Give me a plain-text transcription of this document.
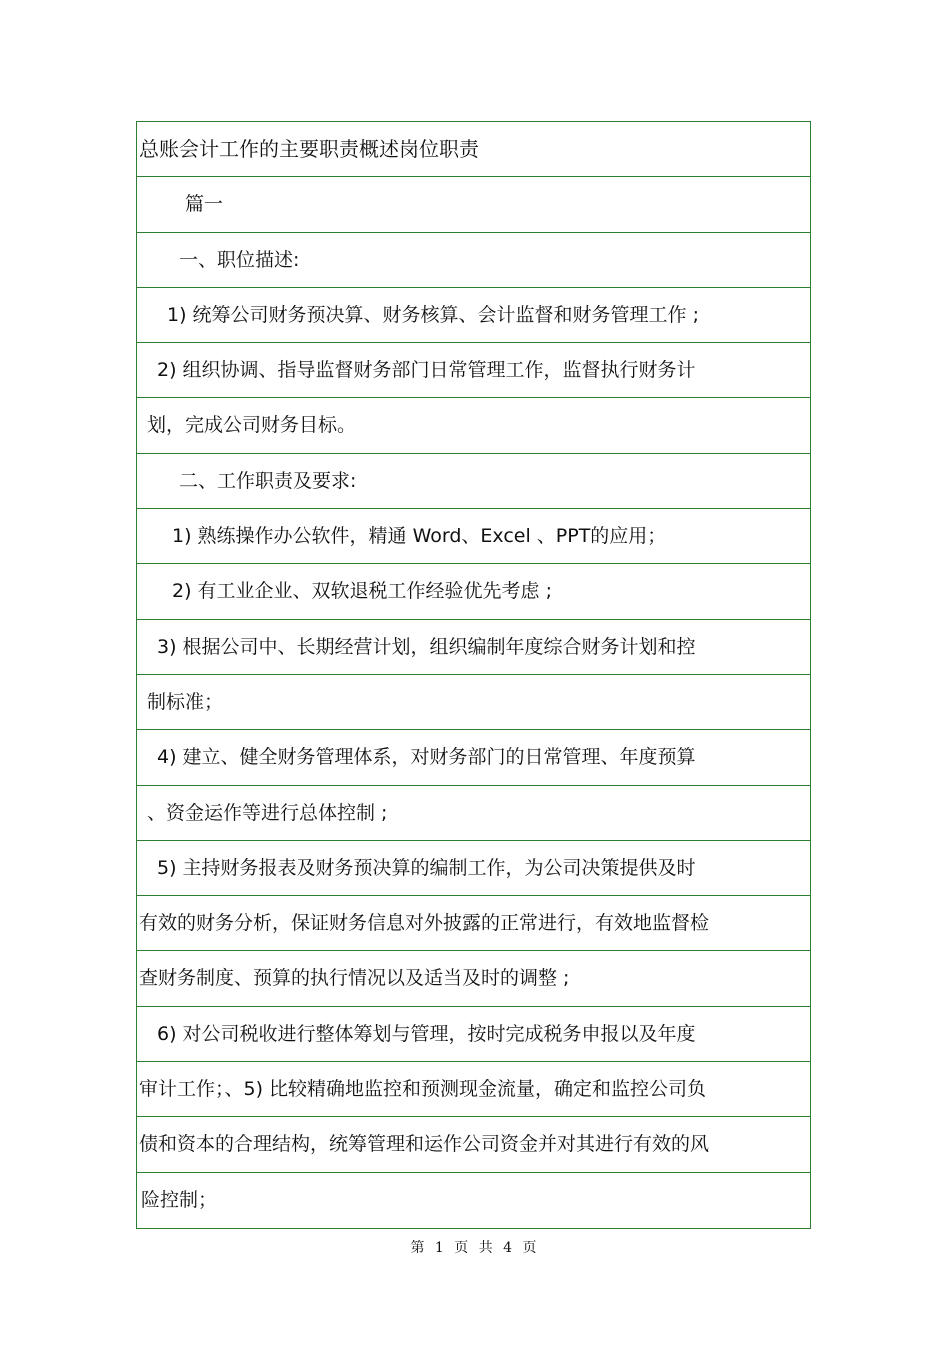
总账会计工作的主要职责概述岗位职责
篇一
一、职位描述:
1) 统筹公司财务预决算、财务核算、会计监督和财务管理工作 ;
2) 组织协调、指导监督财务部门日常管理工作，监督执行财务计
划，完成公司财务目标。
二、工作职责及要求:
1) 熟练操作办公软件，精通 Word、Excel 、PPT的应用；
2) 有工业企业、双软退税工作经验优先考虑 ;
3) 根据公司中、长期经营计划，组织编制年度综合财务计划和控
制标准；
4) 建立、健全财务管理体系，对财务部门的日常管理、年度预算
、资金运作等进行总体控制 ;
5) 主持财务报表及财务预决算的编制工作，为公司决策提供及时
有效的财务分析，保证财务信息对外披露的正常进行，有效地监督检
查财务制度、预算的执行情况以及适当及时的调整 ;
6) 对公司税收进行整体筹划与管理，按时完成税务申报以及年度
审计工作；、5) 比较精确地监控和预测现金流量，确定和监控公司负
债和资本的合理结构，统筹管理和运作公司资金并对其进行有效的风
险控制；
第 1 页 共 4 页
